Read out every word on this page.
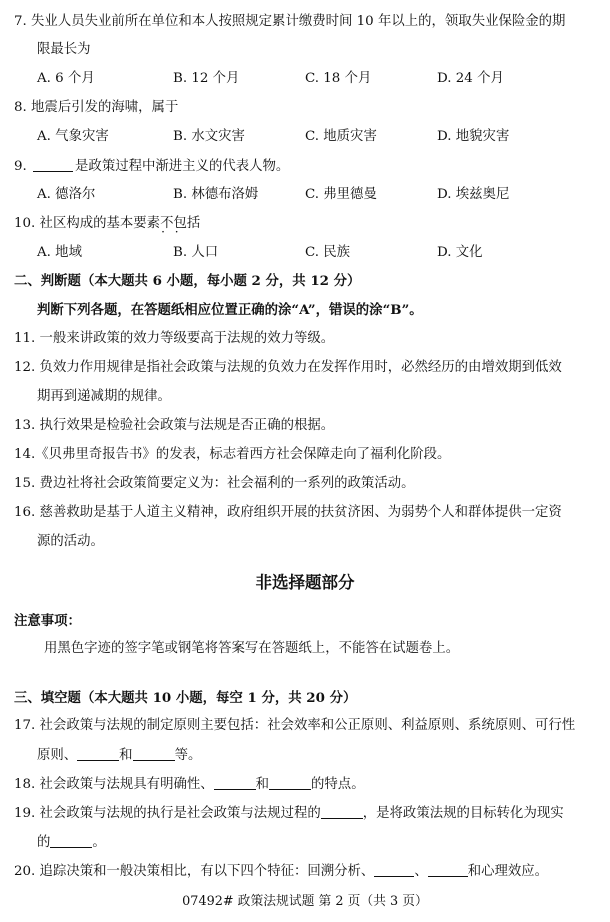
7. 失业人员失业前所在单位和本人按照规定累计缴费时间 10 年以上的，领取失业保险金的期
限最长为
A. 6 个月	B. 12 个月	C. 18 个月	D. 24 个月
8. 地震后引发的海啸，属于
A. 气象灾害	B. 水文灾害	C. 地质灾害	D. 地貌灾害
9.	是政策过程中渐进主义的代表人物。
A. 德洛尔	B. 林德布洛姆	C. 弗里德曼	D. 埃兹奥尼
10. 社区构成的基本要素不包 · ·括
A. 地域	B. 人口	C. 民族	D. 文化
二、判断题（本大题共 6 小题，每小题 2 分，共 12 分）
判断下列各题，在答题纸相应位置正确的涂“A”，错误的涂“B”。
11. 一般来讲政策的效力等级要高于法规的效力等级。
12. 负效力作用规律是指社会政策与法规的负效力在发挥作用时，必然经历的由增效期到低效
期再到递减期的规律。
13. 执行效果是检验社会政策与法规是否正确的根据。
14.《贝弗里奇报告书》的发表，标志着西方社会保障走向了福利化阶段。
15. 费边社将社会政策简要定义为：社会福利的一系列的政策活动。
16. 慈善救助是基于人道主义精神，政府组织开展的扶贫济困、为弱势个人和群体提供一定资
源的活动。
非选择题部分
注意事项：
用黑色字迹的签字笔或钢笔将答案写在答题纸上，不能答在试题卷上。
三、填空题（本大题共 10 小题，每空 1 分，共 20 分）
17. 社会政策与法规的制定原则主要包括：社会效率和公正原则、利益原则、系统原则、可行性
原则、	和	等。
18. 社会政策与法规具有明确性、	和	的特点。
19. 社会政策与法规的执行是社会政策与法规过程的	，是将政策法规的目标转化为现实
的	。
20. 追踪决策和一般决策相比，有以下四个特征：回溯分析、	、	和心理效应。
07492# 政策法规试题 第 2 页（共 3 页）
